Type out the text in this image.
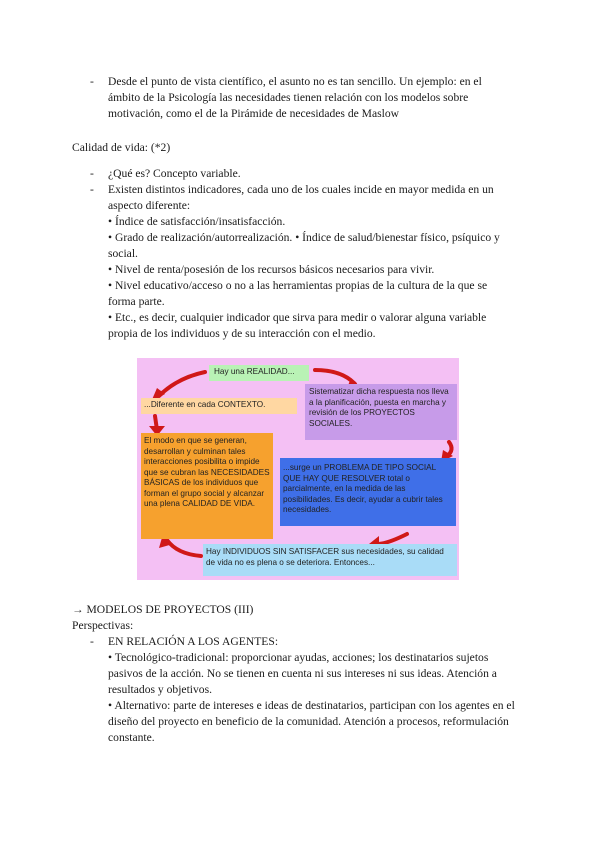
- Desde el punto de vista científico, el asunto no es tan sencillo. Un ejemplo: en el ámbito de la Psicología las necesidades tienen relación con los modelos sobre motivación, como el de la Pirámide de necesidades de Maslow
Calidad de vida: (*2)
- ¿Qué es? Concepto variable.
- Existen distintos indicadores, cada uno de los cuales incide en mayor medida en un aspecto diferente:
• Índice de satisfacción/insatisfacción.
• Grado de realización/autorrealización. • Índice de salud/bienestar físico, psíquico y social.
• Nivel de renta/posesión de los recursos básicos necesarios para vivir.
• Nivel educativo/acceso o no a las herramientas propias de la cultura de la que se forma parte.
• Etc., es decir, cualquier indicador que sirva para medir o valorar alguna variable propia de los individuos y de su interacción con el medio.
Hay una REALIDAD...
...Diferente en cada CONTEXTO.
Sistematizar dicha respuesta nos lleva a la planificación, puesta en marcha y revisión de los PROYECTOS SOCIALES.
El modo en que se generan, desarrollan y culminan tales interacciones posibilita o impide que se cubran las NECESIDADES BÁSICAS de los individuos que forman el grupo social y alcanzar una plena CALIDAD DE VIDA.
...surge un PROBLEMA DE TIPO SOCIAL QUE HAY QUE RESOLVER total o parcialmente, en la medida de las posibilidades. Es decir, ayudar a cubrir tales necesidades.
Hay INDIVIDUOS SIN SATISFACER sus necesidades, su calidad de vida no es plena o se deteriora. Entonces...
→ MODELOS DE PROYECTOS (III)
Perspectivas:
- EN RELACIÓN A LOS AGENTES:
• Tecnológico-tradicional: proporcionar ayudas, acciones; los destinatarios sujetos pasivos de la acción. No se tienen en cuenta ni sus intereses ni sus ideas. Atención a resultados y objetivos.
• Alternativo: parte de intereses e ideas de destinatarios, participan con los agentes en el diseño del proyecto en beneficio de la comunidad. Atención a procesos, reformulación constante.
